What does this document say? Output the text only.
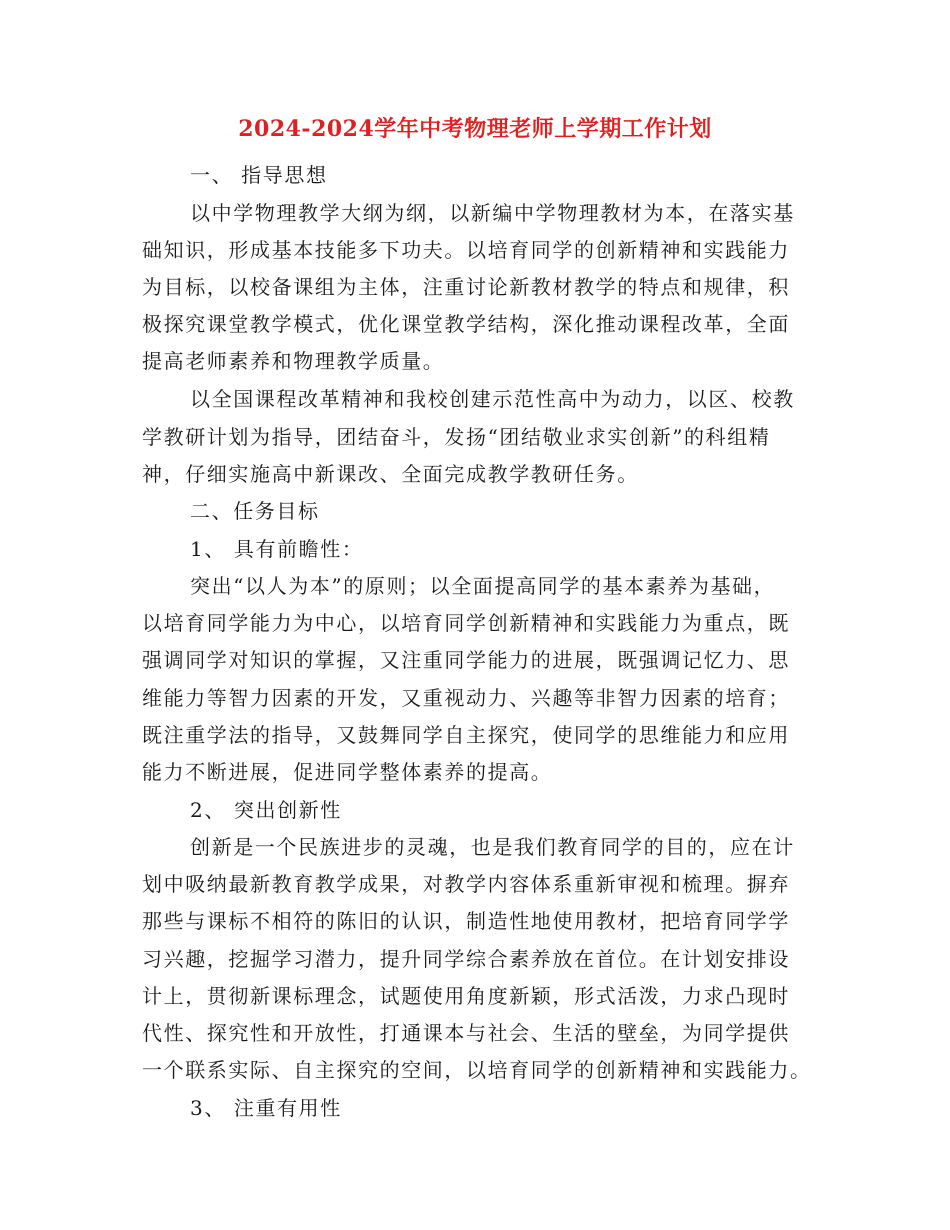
2024-2024学年中考物理老师上学期工作计划
一、 指导思想
以中学物理教学大纲为纲，以新编中学物理教材为本，在落实基
础知识，形成基本技能多下功夫。以培育同学的创新精神和实践能力
为目标，以校备课组为主体，注重讨论新教材教学的特点和规律，积
极探究课堂教学模式，优化课堂教学结构，深化推动课程改革，全面
提高老师素养和物理教学质量。
以全国课程改革精神和我校创建示范性高中为动力，以区、校教
学教研计划为指导，团结奋斗，发扬“团结敬业求实创新”的科组精
神，仔细实施高中新课改、全面完成教学教研任务。
二、任务目标
1、 具有前瞻性：
突出“以人为本”的原则；以全面提高同学的基本素养为基础，
以培育同学能力为中心，以培育同学创新精神和实践能力为重点，既
强调同学对知识的掌握，又注重同学能力的进展，既强调记忆力、思
维能力等智力因素的开发，又重视动力、兴趣等非智力因素的培育；
既注重学法的指导，又鼓舞同学自主探究，使同学的思维能力和应用
能力不断进展，促进同学整体素养的提高。
2、 突出创新性
创新是一个民族进步的灵魂，也是我们教育同学的目的，应在计
划中吸纳最新教育教学成果，对教学内容体系重新审视和梳理。摒弃
那些与课标不相符的陈旧的认识，制造性地使用教材，把培育同学学
习兴趣，挖掘学习潜力，提升同学综合素养放在首位。在计划安排设
计上，贯彻新课标理念，试题使用角度新颖，形式活泼，力求凸现时
代性、探究性和开放性，打通课本与社会、生活的壁垒，为同学提供
一个联系实际、自主探究的空间，以培育同学的创新精神和实践能力。
3、 注重有用性
